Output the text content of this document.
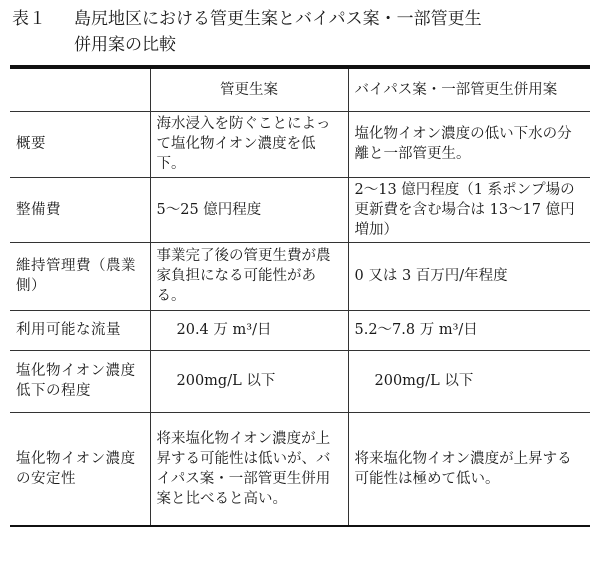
表１ 島尻地区における管更生案とバイパス案・一部管更生
併用案の比較
	管更生案	バイパス案・一部管更生併用案
概要	海水浸入を防ぐことによって塩化物イオン濃度を低下。	塩化物イオン濃度の低い下水の分離と一部管更生。
整備費	5～25 億円程度	2～13 億円程度（1 系ポンプ場の更新費を含む場合は 13～17 億円増加）
維持管理費（農業側）	事業完了後の管更生費が農家負担になる可能性がある。	0 又は 3 百万円/年程度
利用可能な流量	20.4 万 m³/日	5.2～7.8 万 m³/日
塩化物イオン濃度低下の程度	200mg/L 以下	200mg/L 以下
塩化物イオン濃度の安定性	将来塩化物イオン濃度が上昇する可能性は低いが、バイパス案・一部管更生併用案と比べると高い。	将来塩化物イオン濃度が上昇する可能性は極めて低い。
